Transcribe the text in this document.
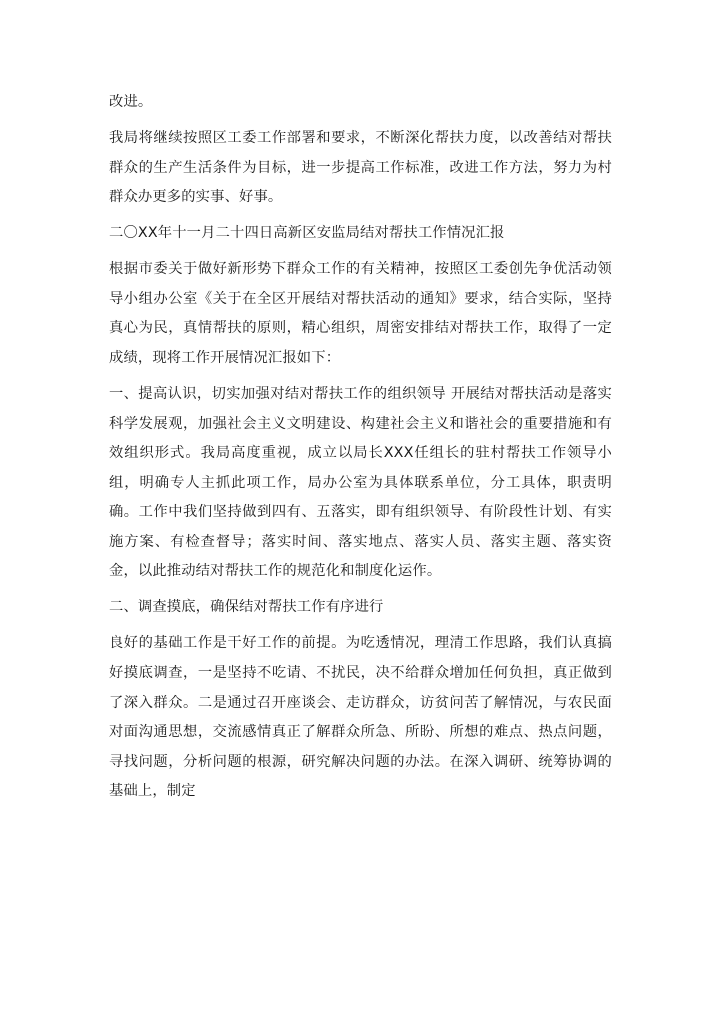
改进。

我局将继续按照区工委工作部署和要求，不断深化帮扶力度，以改善结对帮扶群众的生产生活条件为目标，进一步提高工作标准，改进工作方法，努力为村群众办更多的实事、好事。

二〇XX年十一月二十四日高新区安监局结对帮扶工作情况汇报

根据市委关于做好新形势下群众工作的有关精神，按照区工委创先争优活动领导小组办公室《关于在全区开展结对帮扶活动的通知》要求，结合实际，坚持真心为民，真情帮扶的原则，精心组织，周密安排结对帮扶工作，取得了一定成绩，现将工作开展情况汇报如下：

一、提高认识，切实加强对结对帮扶工作的组织领导 开展结对帮扶活动是落实科学发展观，加强社会主义文明建设、构建社会主义和谐社会的重要措施和有效组织形式。我局高度重视，成立以局长XXX任组长的驻村帮扶工作领导小组，明确专人主抓此项工作，局办公室为具体联系单位，分工具体，职责明确。工作中我们坚持做到四有、五落实，即有组织领导、有阶段性计划、有实施方案、有检查督导；落实时间、落实地点、落实人员、落实主题、落实资金，以此推动结对帮扶工作的规范化和制度化运作。

二、调查摸底，确保结对帮扶工作有序进行

良好的基础工作是干好工作的前提。为吃透情况，理清工作思路，我们认真搞好摸底调查，一是坚持不吃请、不扰民，决不给群众增加任何负担，真正做到了深入群众。二是通过召开座谈会、走访群众，访贫问苦了解情况，与农民面对面沟通思想，交流感情真正了解群众所急、所盼、所想的难点、热点问题，寻找问题，分析问题的根源，研究解决问题的办法。在深入调研、统筹协调的基础上，制定
